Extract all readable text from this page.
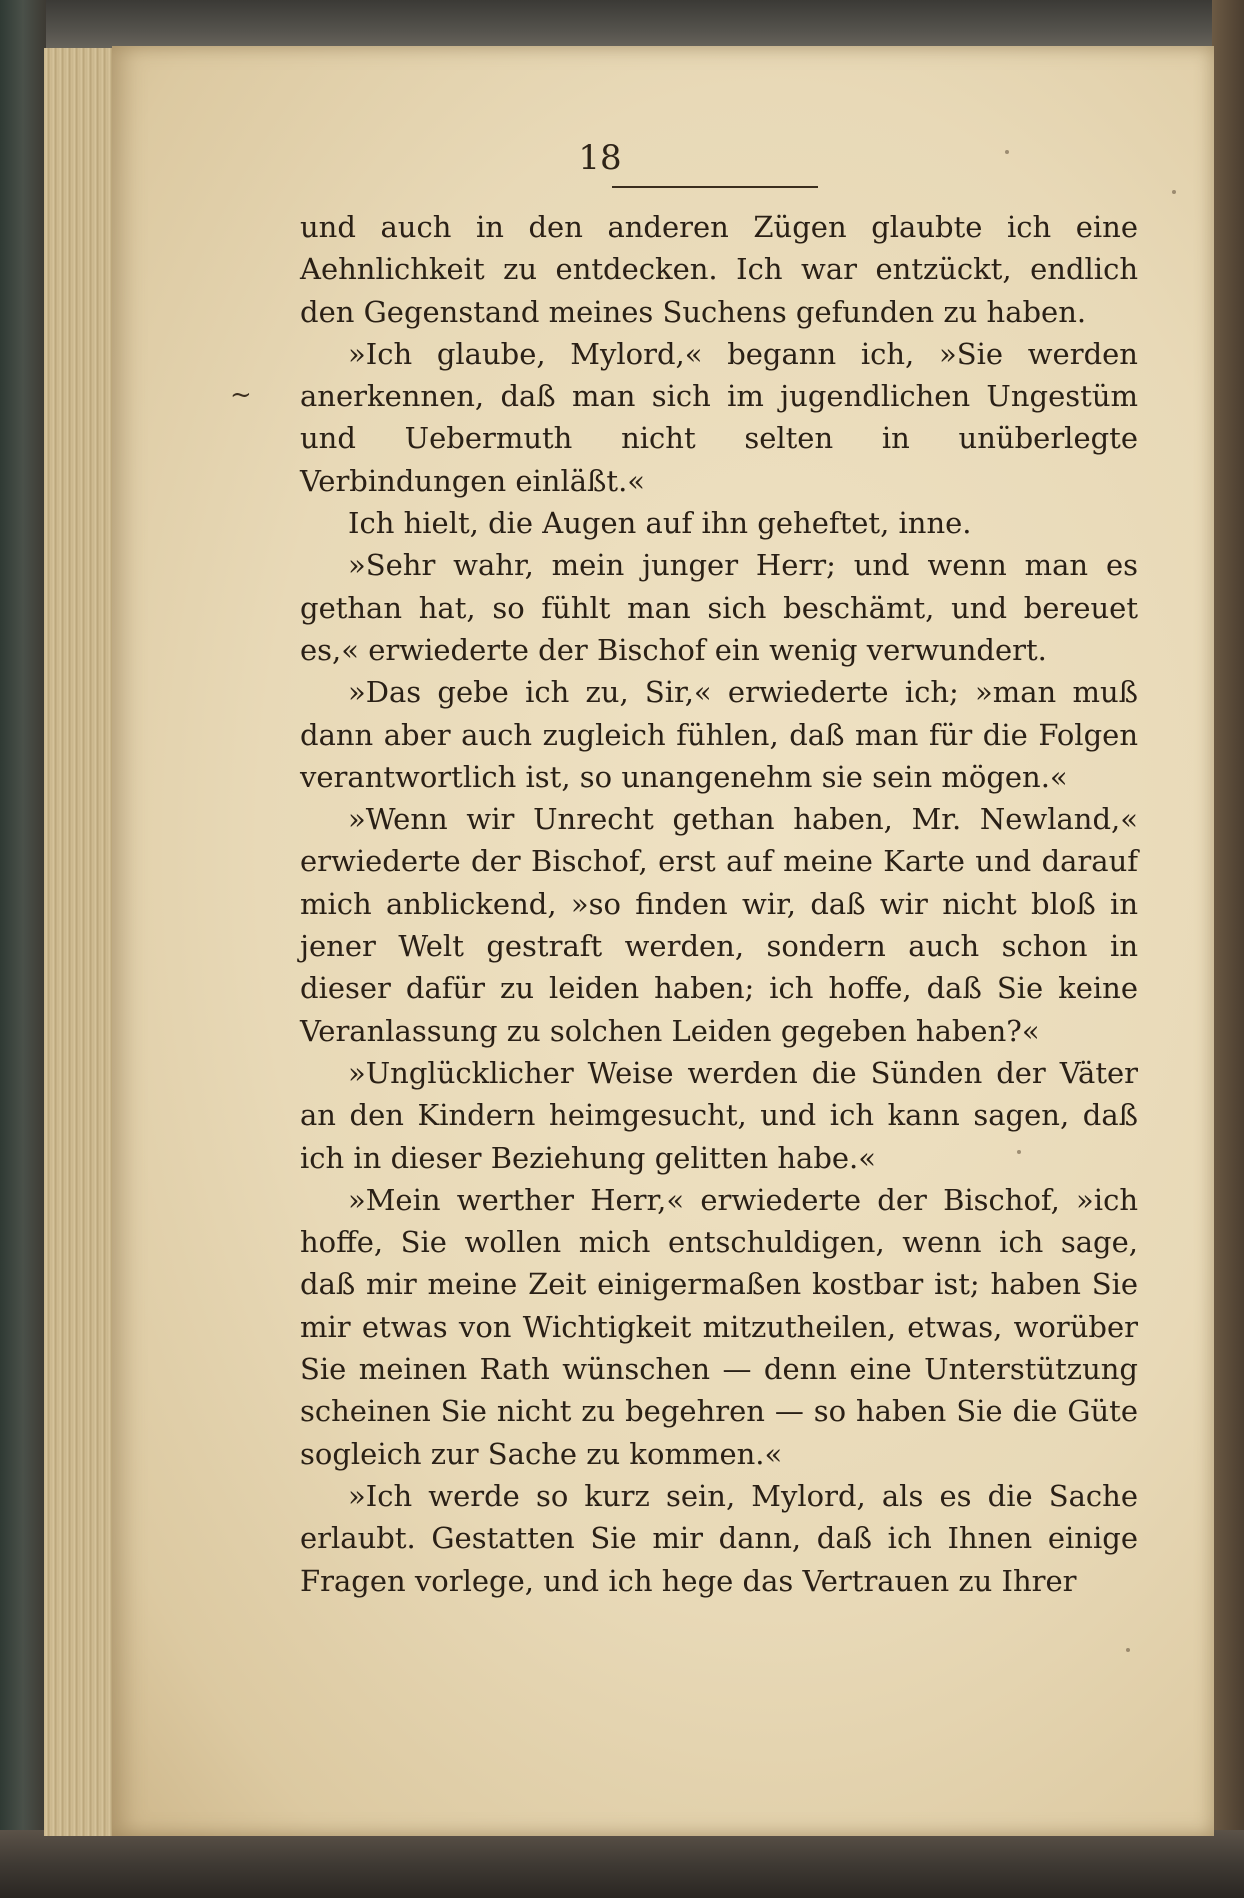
18
~

und auch in den anderen Zügen glaubte ich eine Aehnlichkeit zu entdecken. Ich war entzückt, endlich den Gegenstand meines Suchens gefunden zu haben.

»Ich glaube, Mylord,« begann ich, »Sie werden anerkennen, daß man sich im jugendlichen Ungestüm und Uebermuth nicht selten in unüberlegte Verbindungen einläßt.«

Ich hielt, die Augen auf ihn geheftet, inne.

»Sehr wahr, mein junger Herr; und wenn man es gethan hat, so fühlt man sich beschämt, und bereuet es,« erwiederte der Bischof ein wenig verwundert.

»Das gebe ich zu, Sir,« erwiederte ich; »man muß dann aber auch zugleich fühlen, daß man für die Folgen verantwortlich ist, so unangenehm sie sein mögen.«

»Wenn wir Unrecht gethan haben, Mr. Newland,« erwiederte der Bischof, erst auf meine Karte und darauf mich anblickend, »so finden wir, daß wir nicht bloß in jener Welt gestraft werden, sondern auch schon in dieser dafür zu leiden haben; ich hoffe, daß Sie keine Veranlassung zu solchen Leiden gegeben haben?«

»Unglücklicher Weise werden die Sünden der Väter an den Kindern heimgesucht, und ich kann sagen, daß ich in dieser Beziehung gelitten habe.«

»Mein werther Herr,« erwiederte der Bischof, »ich hoffe, Sie wollen mich entschuldigen, wenn ich sage, daß mir meine Zeit einigermaßen kostbar ist; haben Sie mir etwas von Wichtigkeit mitzutheilen, etwas, worüber Sie meinen Rath wünschen — denn eine Unterstützung scheinen Sie nicht zu begehren — so haben Sie die Güte sogleich zur Sache zu kommen.«

»Ich werde so kurz sein, Mylord, als es die Sache erlaubt. Gestatten Sie mir dann, daß ich Ihnen einige Fragen vorlege, und ich hege das Vertrauen zu Ihrer
